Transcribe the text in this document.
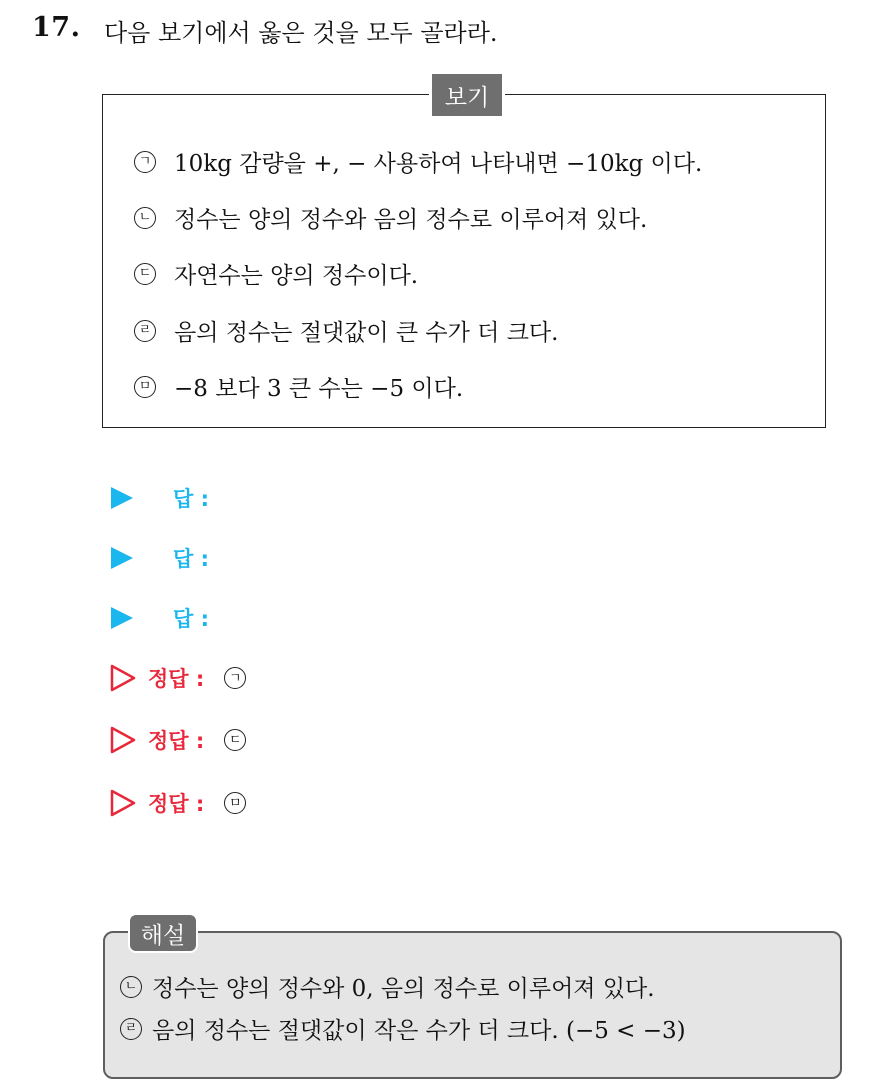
17. 다음 보기에서 옳은 것을 모두 골라라.
보기
ㄱ 10kg 감량을 +, − 사용하여 나타내면 −10kg 이다.
ㄴ 정수는 양의 정수와 음의 정수로 이루어져 있다.
ㄷ 자연수는 양의 정수이다.
ㄹ 음의 정수는 절댓값이 큰 수가 더 크다.
ㅁ −8 보다 3 큰 수는 −5 이다.
답 :
답 :
답 :
정답 :	ㄱ
정답 :	ㄷ
정답 :	ㅁ
해설
ㄴ 정수는 양의 정수와 0, 음의 정수로 이루어져 있다.
ㄹ 음의 정수는 절댓값이 작은 수가 더 크다. (−5 < −3)
